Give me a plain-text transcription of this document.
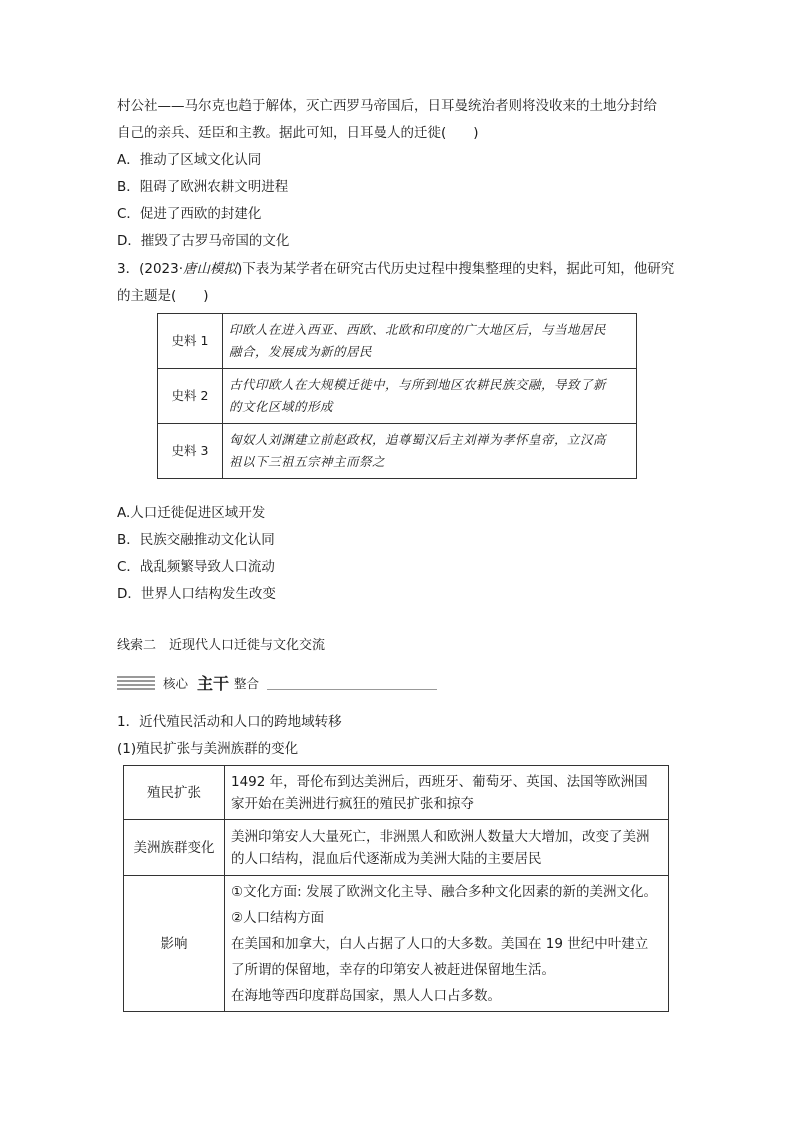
村公社——马尔克也趋于解体，灭亡西罗马帝国后，日耳曼统治者则将没收来的土地分封给
自己的亲兵、廷臣和主教。据此可知，日耳曼人的迁徙(　　)
A．推动了区域文化认同
B．阻碍了欧洲农耕文明进程
C．促进了西欧的封建化
D．摧毁了古罗马帝国的文化
3．(2023·唐山模拟)下表为某学者在研究古代历史过程中搜集整理的史料，据此可知，他研究
的主题是(　　)
史料 1	印欧人在进入西亚、西欧、北欧和印度的广大地区后，与当地居民
融合，发展成为新的居民

史料 2	古代印欧人在大规模迁徙中，与所到地区农耕民族交融，导致了新
的文化区域的形成

史料 3	匈奴人刘渊建立前赵政权，追尊蜀汉后主刘禅为孝怀皇帝，立汉高
祖以下三祖五宗神主而祭之
A.人口迁徙促进区域开发
B．民族交融推动文化认同
C．战乱频繁导致人口流动
D．世界人口结构发生改变
线索二　近现代人口迁徙与文化交流
核心 主干 整合
1．近代殖民活动和人口的跨地域转移
(1)殖民扩张与美洲族群的变化
殖民扩张	1492 年，哥伦布到达美洲后，西班牙、葡萄牙、英国、法国等欧洲国
家开始在美洲进行疯狂的殖民扩张和掠夺

美洲族群变化	美洲印第安人大量死亡，非洲黑人和欧洲人数量大大增加，改变了美洲
的人口结构，混血后代逐渐成为美洲大陆的主要居民

影响	①文化方面: 发展了欧洲文化主导、融合多种文化因素的新的美洲文化。
②人口结构方面
在美国和加拿大，白人占据了人口的大多数。美国在 19 世纪中叶建立
了所谓的保留地，幸存的印第安人被赶进保留地生活。
在海地等西印度群岛国家，黑人人口占多数。
